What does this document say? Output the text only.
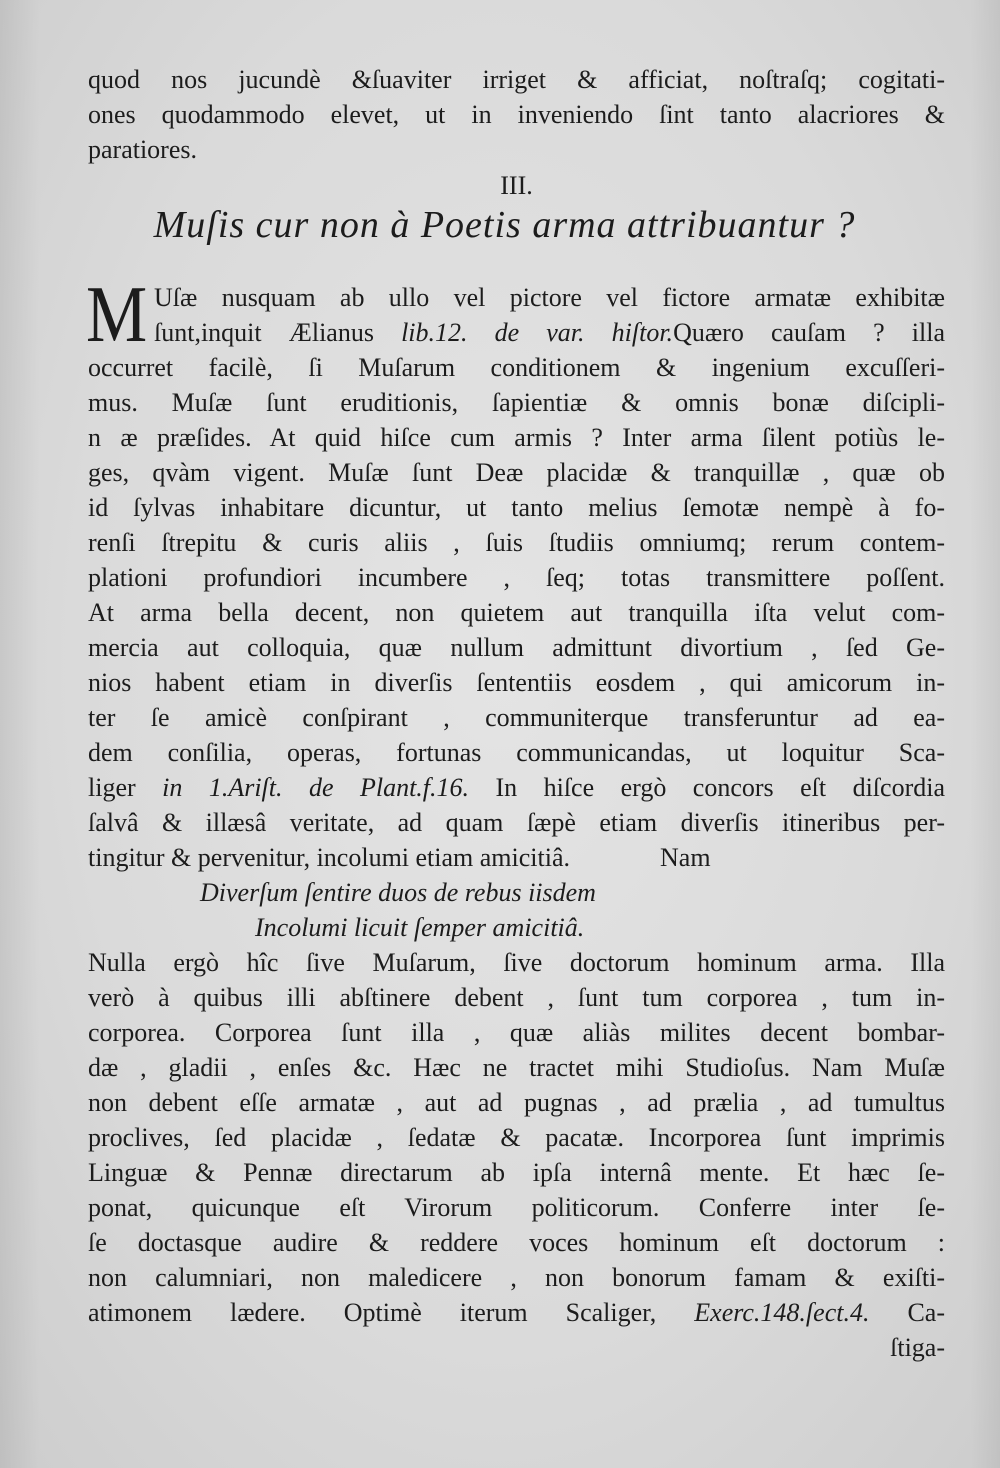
quod nos jucundè &ſuaviter irriget & afficiat, noſtraſq; cogitati-
ones quodammodo elevet, ut in inveniendo ſint tanto alacriores &
paratiores.
III.
Muſis cur non à Poetis arma attribuantur ?
M Uſæ nusquam ab ullo vel pictore vel fictore armatæ exhibitæ
ſunt,inquit Ælianus lib.12. de var. hiſtor.Quæro cauſam ? illa
occurret facilè, ſi Muſarum conditionem & ingenium excuſſeri-
mus. Muſæ ſunt eruditionis, ſapientiæ & omnis bonæ diſcipli-
n æ præſides. At quid hiſce cum armis ? Inter arma ſilent potiùs le-
ges, qvàm vigent. Muſæ ſunt Deæ placidæ & tranquillæ , quæ ob
id ſylvas inhabitare dicuntur, ut tanto melius ſemotæ nempè à fo-
renſi ſtrepitu & curis aliis , ſuis ſtudiis omniumq; rerum contem-
plationi profundiori incumbere , ſeq; totas transmittere poſſent.
At arma bella decent, non quietem aut tranquilla iſta velut com-
mercia aut colloquia, quæ nullum admittunt divortium , ſed Ge-
nios habent etiam in diverſis ſententiis eosdem , qui amicorum in-
ter ſe amicè conſpirant , communiterque transferuntur ad ea-
dem conſilia, operas, fortunas communicandas, ut loquitur Sca-
liger in 1.Ariſt. de Plant.f.16. In hiſce ergò concors eſt diſcordia
ſalvâ & illæsâ veritate, ad quam ſæpè etiam diverſis itineribus per-
tingitur & pervenitur, incolumi etiam amicitiâ.	Nam
Diverſum ſentire duos de rebus iisdem
Incolumi licuit ſemper amicitiâ.
Nulla ergò hîc ſive Muſarum, ſive doctorum hominum arma. Illa
verò à quibus illi abſtinere debent , ſunt tum corporea , tum in-
corporea. Corporea ſunt illa , quæ aliàs milites decent bombar-
dæ , gladii , enſes &c. Hæc ne tractet mihi Studioſus. Nam Muſæ
non debent eſſe armatæ , aut ad pugnas , ad prælia , ad tumultus
proclives, ſed placidæ , ſedatæ & pacatæ. Incorporea ſunt imprimis
Linguæ & Pennæ directarum ab ipſa internâ mente. Et hæc ſe-
ponat, quicunque eſt Virorum politicorum. Conferre inter ſe-
ſe doctasque audire & reddere voces hominum eſt doctorum :
non calumniari, non maledicere , non bonorum famam & exiſti-
atimonem lædere. Optimè iterum Scaliger, Exerc.148.ſect.4. Ca-
ſtiga-
